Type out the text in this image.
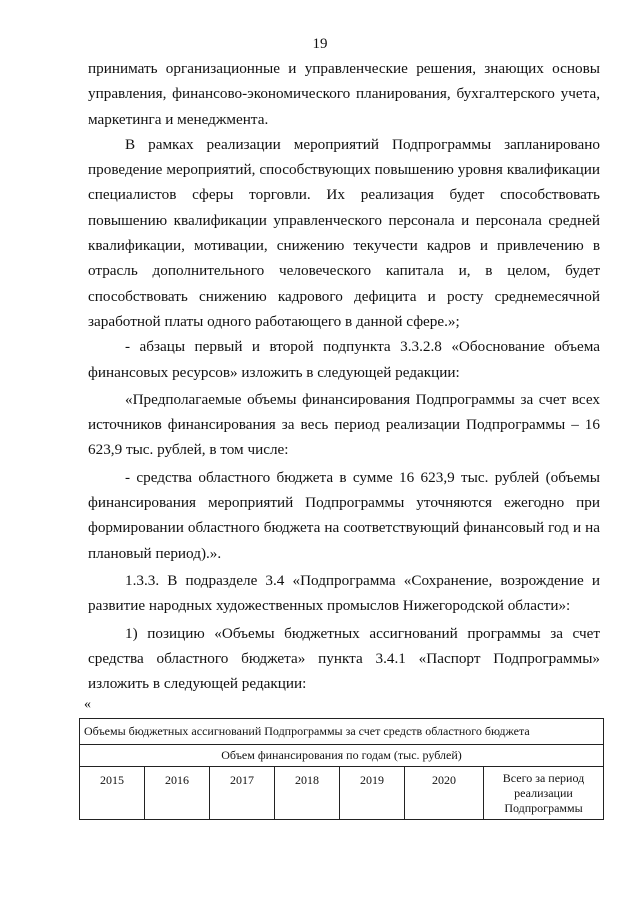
19

принимать организационные и управленческие решения, знающих основы управления, финансово-экономического планирования, бухгалтерского учета, маркетинга и менеджмента.

В рамках реализации мероприятий Подпрограммы запланировано проведение мероприятий, способствующих повышению уровня квалификации специалистов сферы торговли. Их реализация будет способствовать повышению квалификации управленческого персонала и персонала средней квалификации, мотивации, снижению текучести кадров и привлечению в отрасль дополнительного человеческого капитала и, в целом, будет способствовать снижению кадрового дефицита и росту среднемесячной заработной платы одного работающего в данной сфере.»;

- абзацы первый и второй подпункта 3.3.2.8 «Обоснование объема финансовых ресурсов» изложить в следующей редакции:

«Предполагаемые объемы финансирования Подпрограммы за счет всех источников финансирования за весь период реализации Подпрограммы – 16 623,9 тыс. рублей, в том числе:

- средства областного бюджета в сумме 16 623,9 тыс. рублей (объемы финансирования мероприятий Подпрограммы уточняются ежегодно при формировании областного бюджета на соответствующий финансовый год и на плановый период).».

1.3.3. В подразделе 3.4 «Подпрограмма «Сохранение, возрождение и развитие народных художественных промыслов Нижегородской области»:

1) позицию «Объемы бюджетных ассигнований программы за счет средства областного бюджета» пункта 3.4.1 «Паспорт Подпрограммы» изложить в следующей редакции:

«
Объемы бюджетных ассигнований Подпрограммы за счет средств областного бюджета
Объем финансирования по годам (тыс. рублей)
2015	2016	2017	2018	2019	2020	Всего за период реализации Подпрограммы
